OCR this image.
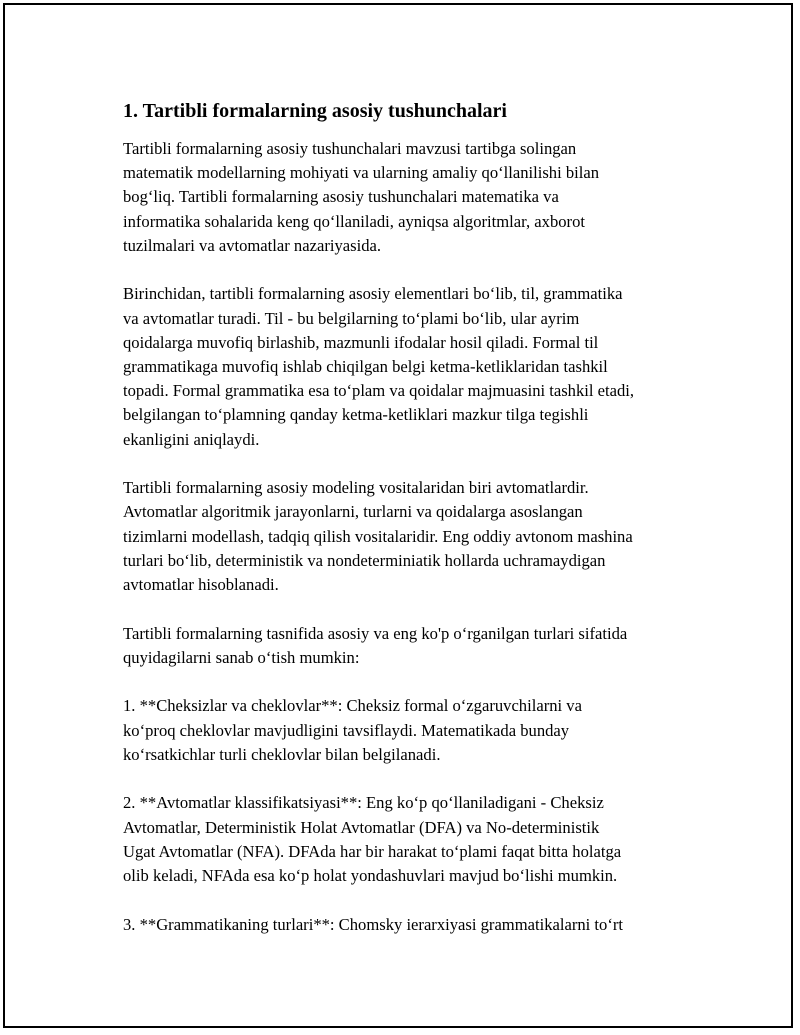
1. Tartibli formalarning asosiy tushunchalari
Tartibli formalarning asosiy tushunchalari mavzusi tartibga solingan
matematik modellarning mohiyati va ularning amaliy qo‘llanilishi bilan
bog‘liq. Tartibli formalarning asosiy tushunchalari matematika va
informatika sohalarida keng qo‘llaniladi, ayniqsa algoritmlar, axborot
tuzilmalari va avtomatlar nazariyasida.
Birinchidan, tartibli formalarning asosiy elementlari bo‘lib, til, grammatika
va avtomatlar turadi. Til - bu belgilarning to‘plami bo‘lib, ular ayrim
qoidalarga muvofiq birlashib, mazmunli ifodalar hosil qiladi. Formal til
grammatikaga muvofiq ishlab chiqilgan belgi ketma-ketliklaridan tashkil
topadi. Formal grammatika esa to‘plam va qoidalar majmuasini tashkil etadi,
belgilangan to‘plamning qanday ketma-ketliklari mazkur tilga tegishli
ekanligini aniqlaydi.
Tartibli formalarning asosiy modeling vositalaridan biri avtomatlardir.
Avtomatlar algoritmik jarayonlarni, turlarni va qoidalarga asoslangan
tizimlarni modellash, tadqiq qilish vositalaridir. Eng oddiy avtonom mashina
turlari bo‘lib, deterministik va nondeterminiatik hollarda uchramaydigan
avtomatlar hisoblanadi.
Tartibli formalarning tasnifida asosiy va eng ko'p o‘rganilgan turlari sifatida
quyidagilarni sanab o‘tish mumkin:
1. **Cheksizlar va cheklovlar**: Cheksiz formal o‘zgaruvchilarni va
ko‘proq cheklovlar mavjudligini tavsiflaydi. Matematikada bunday
ko‘rsatkichlar turli cheklovlar bilan belgilanadi.
2. **Avtomatlar klassifikatsiyasi**: Eng ko‘p qo‘llaniladigani - Cheksiz
Avtomatlar, Deterministik Holat Avtomatlar (DFA) va No-deterministik
Ugat Avtomatlar (NFA). DFAda har bir harakat to‘plami faqat bitta holatga
olib keladi, NFAda esa ko‘p holat yondashuvlari mavjud bo‘lishi mumkin.
3. **Grammatikaning turlari**: Chomsky ierarxiyasi grammatikalarni to‘rt
